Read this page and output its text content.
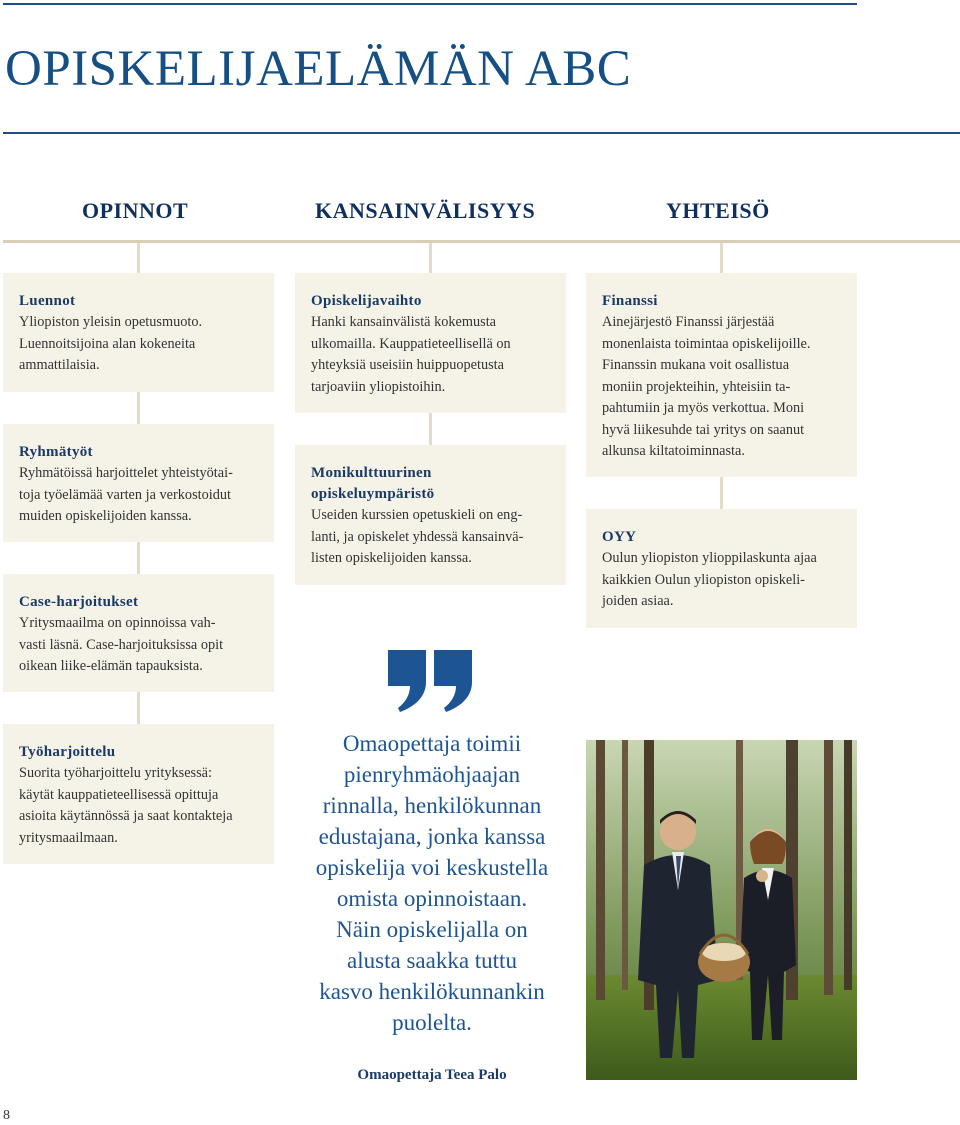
OPISKELIJAELÄMÄN ABC
OPINNOT	KANSAINVÄLISYYS	YHTEISÖ
Luennot

Yliopiston yleisin opetusmuoto.
Luennoitsijoina alan kokeneita
ammattilaisia.

Ryhmätyöt

Ryhmätöissä harjoittelet yhteistyötai-
toja työelämää varten ja verkostoidut
muiden opiskelijoiden kanssa.

Case-harjoitukset

Yritysmaailma on opinnoissa vah-
vasti läsnä. Case-harjoituksissa opit
oikean liike-elämän tapauksista.

Työharjoittelu

Suorita työharjoittelu yrityksessä:
käytät kauppatieteellisessä opittuja
asioita käytännössä ja saat kontakteja
yritysmaailmaan.

Opiskelijavaihto

Hanki kansainvälistä kokemusta
ulkomailla. Kauppatieteellisellä on
yhteyksiä useisiin huippuopetusta
tarjoaviin yliopistoihin.

Monikulttuurinen
opiskeluympäristö

Useiden kurssien opetuskieli on eng-
lanti, ja opiskelet yhdessä kansainvä-
listen opiskelijoiden kanssa.

Finanssi

Ainejärjestö Finanssi järjestää
monenlaista toimintaa opiskelijoille.
Finanssin mukana voit osallistua
moniin projekteihin, yhteisiin ta-
pahtumiin ja myös verkottua. Moni
hyvä liikesuhde tai yritys on saanut
alkunsa kiltatoiminnasta.

OYY

Oulun yliopiston ylioppilaskunta ajaa
kaikkien Oulun yliopiston opiskeli-
joiden asiaa.

Omaopettaja toimii
pienryhmäohjaajan
rinnalla, henkilökunnan
edustajana, jonka kanssa
opiskelija voi keskustella
omista opinnoistaan.
Näin opiskelijalla on
alusta saakka tuttu
kasvo henkilökunnankin
puolelta.
Omaopettaja Teea Palo
8
